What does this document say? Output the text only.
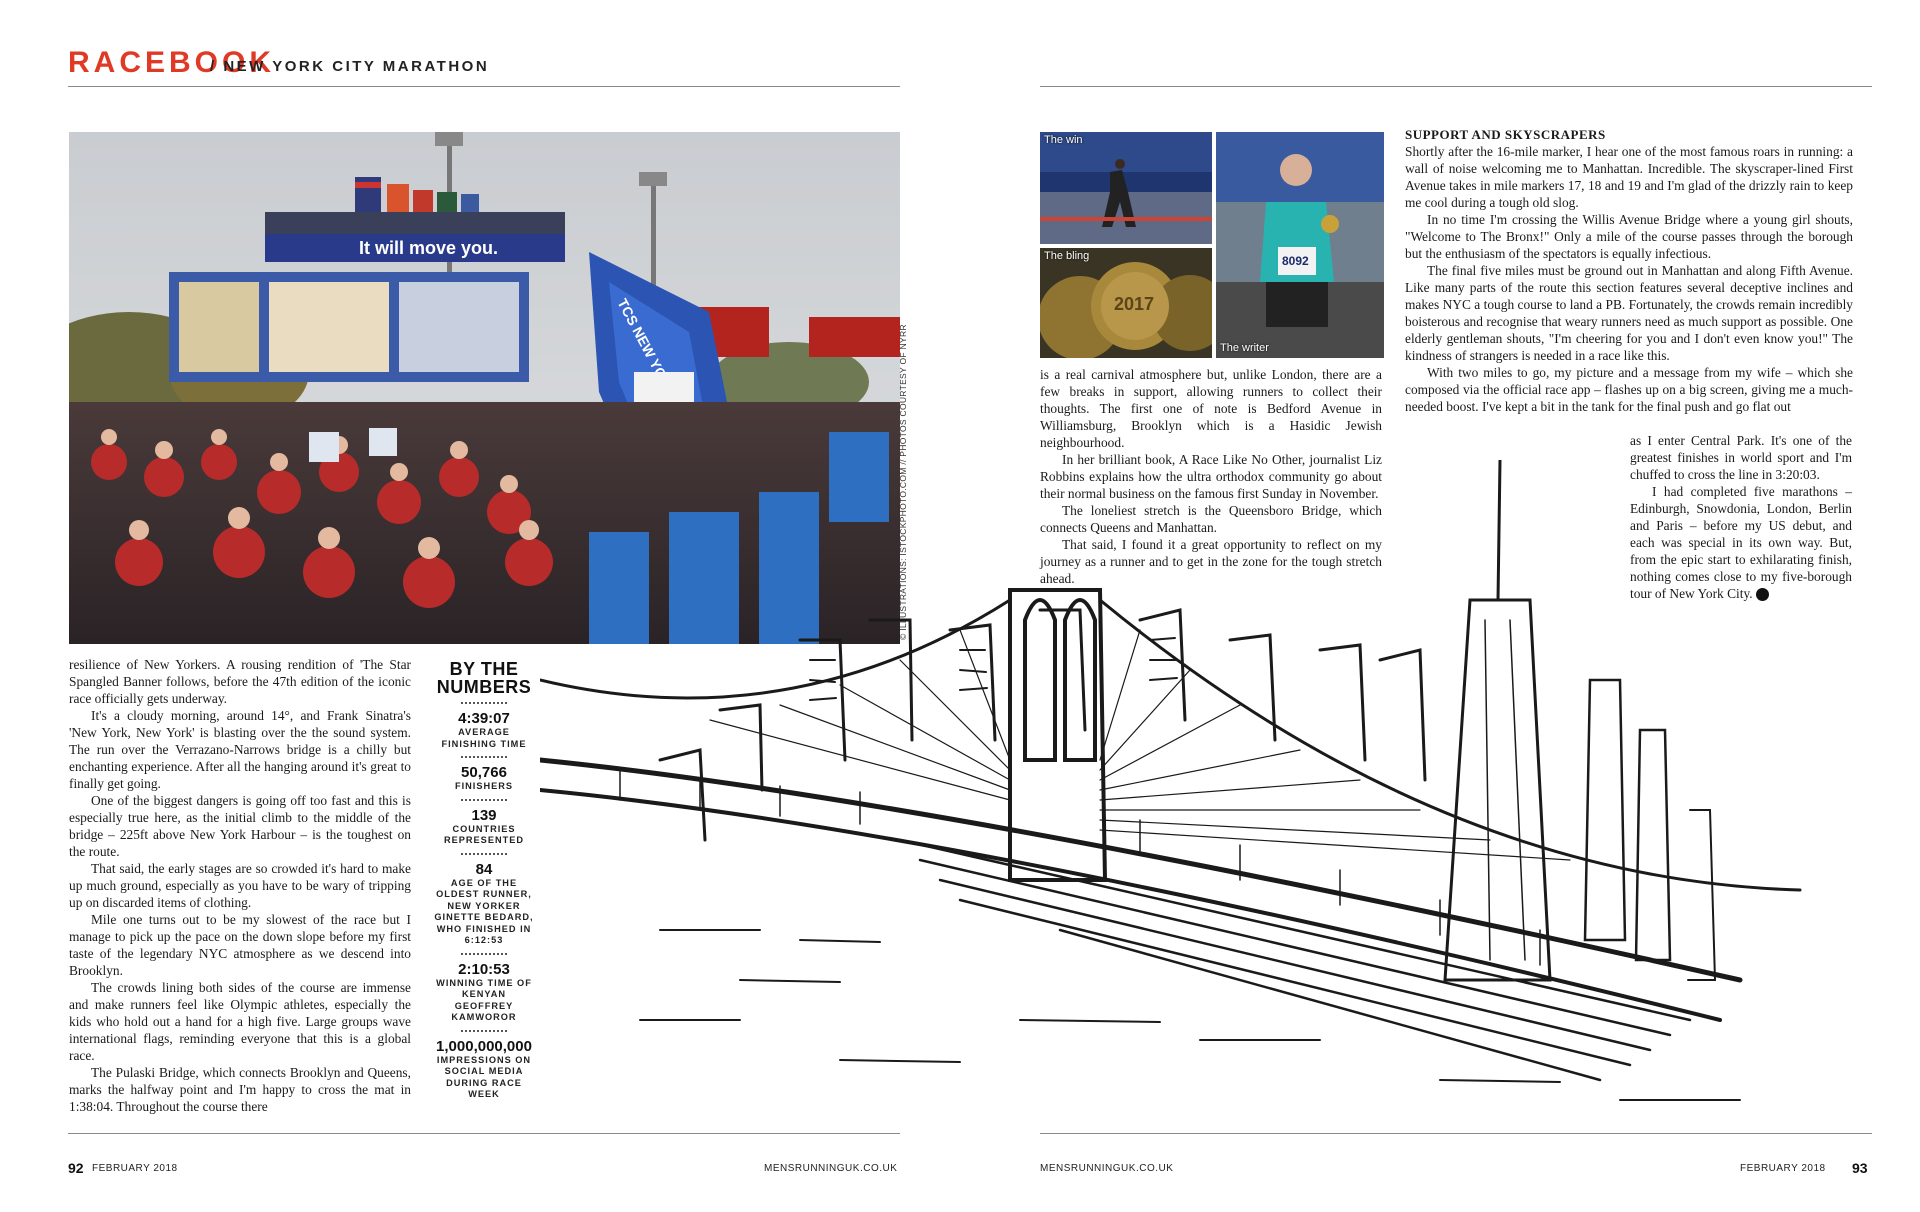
RACEBOOK
/ NEW YORK CITY MARATHON
It will move you.
TCS NEW	© ILLUSTRATIONS: ISTOCKPHOTO.COM // PHOTOS COURTESY OF NYRR
The win
2017
The bling	8092
The writer

resilience of New Yorkers. A rousing rendition of 'The Star Spangled Banner follows, before the 47th edition of the iconic race officially gets underway.

It's a cloudy morning, around 14°, and Frank Sinatra's 'New York, New York' is blasting over the the sound system. The run over the Verrazano-Narrows bridge is a chilly but enchanting experience. After all the hanging around it's great to finally get going.

One of the biggest dangers is going off too fast and this is especially true here, as the initial climb to the middle of the bridge – 225ft above New York Harbour – is the toughest on the route.

That said, the early stages are so crowded it's hard to make up much ground, especially as you have to be wary of tripping up on discarded items of clothing.

Mile one turns out to be my slowest of the race but I manage to pick up the pace on the down slope before my first taste of the legendary NYC atmosphere as we descend into Brooklyn.

The crowds lining both sides of the course are immense and make runners feel like Olympic athletes, especially the kids who hold out a hand for a high five. Large groups wave international flags, reminding everyone that this is a global race.

The Pulaski Bridge, which connects Brooklyn and Queens, marks the halfway point and I'm happy to cross the mat in 1:38:04. Throughout the course there

BY THE NUMBERS
4:39:07
AVERAGE FINISHING TIME
50,766
FINISHERS
139
COUNTRIES REPRESENTED
84
AGE OF THE OLDEST RUNNER, NEW YORKER GINETTE BEDARD, WHO FINISHED IN 6:12:53
2:10:53
WINNING TIME OF KENYAN GEOFFREY KAMWOROR
1,000,000,000
IMPRESSIONS ON SOCIAL MEDIA DURING RACE WEEK

is a real carnival atmosphere but, unlike London, there are a few breaks in support, allowing runners to collect their thoughts. The first one of note is Bedford Avenue in Williamsburg, Brooklyn which is a Hasidic Jewish neighbourhood.

In her brilliant book, A Race Like No Other, journalist Liz Robbins explains how the ultra orthodox community go about their normal business on the famous first Sunday in November.

The loneliest stretch is the Queensboro Bridge, which connects Queens and Manhattan.

That said, I found it a great opportunity to reflect on my journey as a runner and to get in the zone for the tough stretch ahead.

SUPPORT AND SKYSCRAPERS

Shortly after the 16-mile marker, I hear one of the most famous roars in running: a wall of noise welcoming me to Manhattan. Incredible. The skyscraper-lined First Avenue takes in mile markers 17, 18 and 19 and I'm glad of the drizzly rain to keep me cool during a tough old slog.

In no time I'm crossing the Willis Avenue Bridge where a young girl shouts, "Welcome to The Bronx!" Only a mile of the course passes through the borough but the enthusiasm of the spectators is equally infectious.

The final five miles must be ground out in Manhattan and along Fifth Avenue. Like many parts of the route this section features several deceptive inclines and makes NYC a tough course to land a PB. Fortunately, the crowds remain incredibly boisterous and recognise that weary runners need as much support as possible. One elderly gentleman shouts, "I'm cheering for you and I don't even know you!" The kindness of strangers is needed in a race like this.

With two miles to go, my picture and a message from my wife – which she composed via the official race app – flashes up on a big screen, giving me a much-needed boost. I've kept a bit in the tank for the final push and go flat out

as I enter Central Park. It's one of the greatest finishes in world sport and I'm chuffed to cross the line in 3:20:03.

I had completed five marathons – Edinburgh, Snowdonia, London, Berlin and Paris – before my US debut, and each was special in its own way. But, from the epic start to exhilarating finish, nothing comes close to my five-borough tour of New York City.	MR

92 FEBRUARY 2018	MENSRUNNINGUK.CO.UK	MENSRUNNINGUK.CO.UK	FEBRUARY 2018 93
